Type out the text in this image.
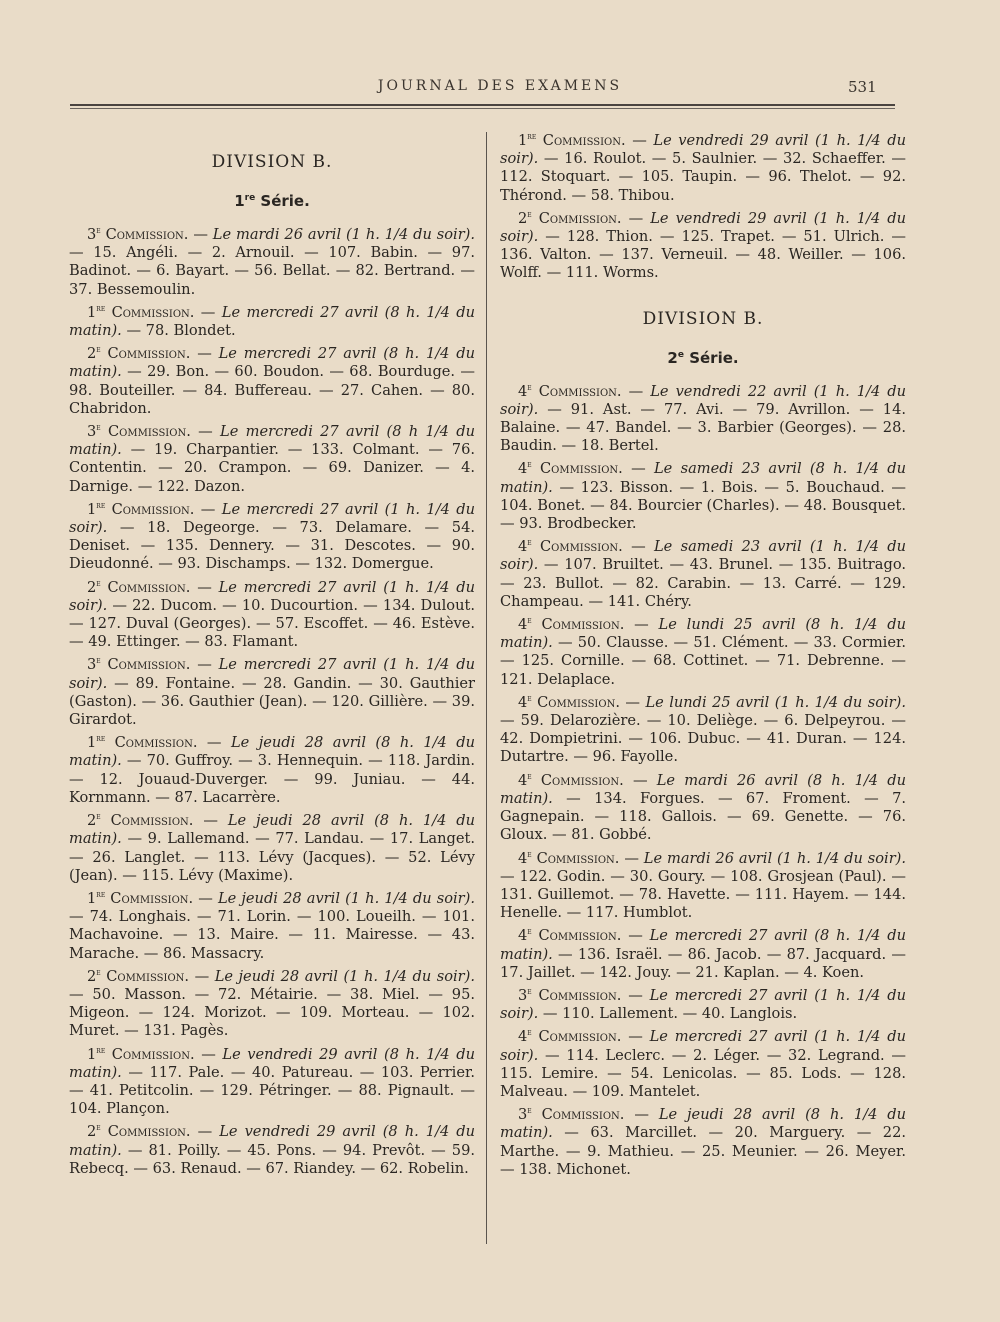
JOURNAL DES EXAMENS	531
DIVISION B.
1re Série.

3e Commission. — Le mardi 26 avril (1 h. 1/4 du soir). — 15. Angéli. — 2. Arnouil. — 107. Babin. — 97. Badinot. — 6. Bayart. — 56. Bellat. — 82. Bertrand. — 37. Bessemoulin.

1re Commission. — Le mercredi 27 avril (8 h. 1/4 du matin). — 78. Blondet.

2e Commission. — Le mercredi 27 avril (8 h. 1/4 du matin). — 29. Bon. — 60. Boudon. — 68. Bourduge. — 98. Bouteiller. — 84. Buffereau. — 27. Cahen. — 80. Chabridon.

3e Commission. — Le mercredi 27 avril (8 h 1/4 du matin). — 19. Charpantier. — 133. Colmant. — 76. Contentin. — 20. Crampon. — 69. Danizer. — 4. Darnige. — 122. Dazon.

1re Commission. — Le mercredi 27 avril (1 h. 1/4 du soir). — 18. Degeorge. — 73. Delamare. — 54. Deniset. — 135. Dennery. — 31. Descotes. — 90. Dieudonné. — 93. Dischamps. — 132. Domergue.

2e Commission. — Le mercredi 27 avril (1 h. 1/4 du soir). — 22. Ducom. — 10. Ducourtion. — 134. Dulout. — 127. Duval (Georges). — 57. Escoffet. — 46. Estève. — 49. Ettinger. — 83. Flamant.

3e Commission. — Le mercredi 27 avril (1 h. 1/4 du soir). — 89. Fontaine. — 28. Gandin. — 30. Gauthier (Gaston). — 36. Gauthier (Jean). — 120. Gillière. — 39. Girardot.

1re Commission. — Le jeudi 28 avril (8 h. 1/4 du matin). — 70. Guffroy. — 3. Hennequin. — 118. Jardin. — 12. Jouaud-Duverger. — 99. Juniau. — 44. Kornmann. — 87. Lacarrère.

2e Commission. — Le jeudi 28 avril (8 h. 1/4 du matin). — 9. Lallemand. — 77. Landau. — 17. Langet. — 26. Langlet. — 113. Lévy (Jacques). — 52. Lévy (Jean). — 115. Lévy (Maxime).

1re Commission. — Le jeudi 28 avril (1 h. 1/4 du soir). — 74. Longhais. — 71. Lorin. — 100. Loueilh. — 101. Machavoine. — 13. Maire. — 11. Mairesse. — 43. Marache. — 86. Massacry.

2e Commission. — Le jeudi 28 avril (1 h. 1/4 du soir). — 50. Masson. — 72. Métairie. — 38. Miel. — 95. Migeon. — 124. Morizot. — 109. Morteau. — 102. Muret. — 131. Pagès.

1re Commission. — Le vendredi 29 avril (8 h. 1/4 du matin). — 117. Pale. — 40. Patureau. — 103. Perrier. — 41. Petitcolin. — 129. Pétringer. — 88. Pignault. — 104. Plançon.

2e Commission. — Le vendredi 29 avril (8 h. 1/4 du matin). — 81. Poilly. — 45. Pons. — 94. Prevôt. — 59. Rebecq. — 63. Renaud. — 67. Riandey. — 62. Robelin.

1re Commission. — Le vendredi 29 avril (1 h. 1/4 du soir). — 16. Roulot. — 5. Saulnier. — 32. Schaeffer. — 112. Stoquart. — 105. Taupin. — 96. Thelot. — 92. Thérond. — 58. Thibou.

2e Commission. — Le vendredi 29 avril (1 h. 1/4 du soir). — 128. Thion. — 125. Trapet. — 51. Ulrich. — 136. Valton. — 137. Verneuil. — 48. Weiller. — 106. Wolff. — 111. Worms.

DIVISION B.
2e Série.

4e Commission. — Le vendredi 22 avril (1 h. 1/4 du soir). — 91. Ast. — 77. Avi. — 79. Avrillon. — 14. Balaine. — 47. Bandel. — 3. Barbier (Georges). — 28. Baudin. — 18. Bertel.

4e Commission. — Le samedi 23 avril (8 h. 1/4 du matin). — 123. Bisson. — 1. Bois. — 5. Bouchaud. — 104. Bonet. — 84. Bourcier (Charles). — 48. Bousquet. — 93. Brodbecker.

4e Commission. — Le samedi 23 avril (1 h. 1/4 du soir). — 107. Bruiltet. — 43. Brunel. — 135. Buitrago. — 23. Bullot. — 82. Carabin. — 13. Carré. — 129. Champeau. — 141. Chéry.

4e Commission. — Le lundi 25 avril (8 h. 1/4 du matin). — 50. Clausse. — 51. Clément. — 33. Cormier. — 125. Cornille. — 68. Cottinet. — 71. Debrenne. — 121. Delaplace.

4e Commission. — Le lundi 25 avril (1 h. 1/4 du soir). — 59. Delarozière. — 10. Deliège. — 6. Delpeyrou. — 42. Dompietrini. — 106. Dubuc. — 41. Duran. — 124. Dutartre. — 96. Fayolle.

4e Commission. — Le mardi 26 avril (8 h. 1/4 du matin). — 134. Forgues. — 67. Froment. — 7. Gagnepain. — 118. Gallois. — 69. Genette. — 76. Gloux. — 81. Gobbé.

4e Commission. — Le mardi 26 avril (1 h. 1/4 du soir). — 122. Godin. — 30. Goury. — 108. Grosjean (Paul). — 131. Guillemot. — 78. Havette. — 111. Hayem. — 144. Henelle. — 117. Humblot.

4e Commission. — Le mercredi 27 avril (8 h. 1/4 du matin). — 136. Israël. — 86. Jacob. — 87. Jacquard. — 17. Jaillet. — 142. Jouy. — 21. Kaplan. — 4. Koen.

3e Commission. — Le mercredi 27 avril (1 h. 1/4 du soir). — 110. Lallement. — 40. Langlois.

4e Commission. — Le mercredi 27 avril (1 h. 1/4 du soir). — 114. Leclerc. — 2. Léger. — 32. Legrand. — 115. Lemire. — 54. Lenicolas. — 85. Lods. — 128. Malveau. — 109. Mantelet.

3e Commission. — Le jeudi 28 avril (8 h. 1/4 du matin). — 63. Marcillet. — 20. Marguery. — 22. Marthe. — 9. Mathieu. — 25. Meunier. — 26. Meyer. — 138. Michonet.
